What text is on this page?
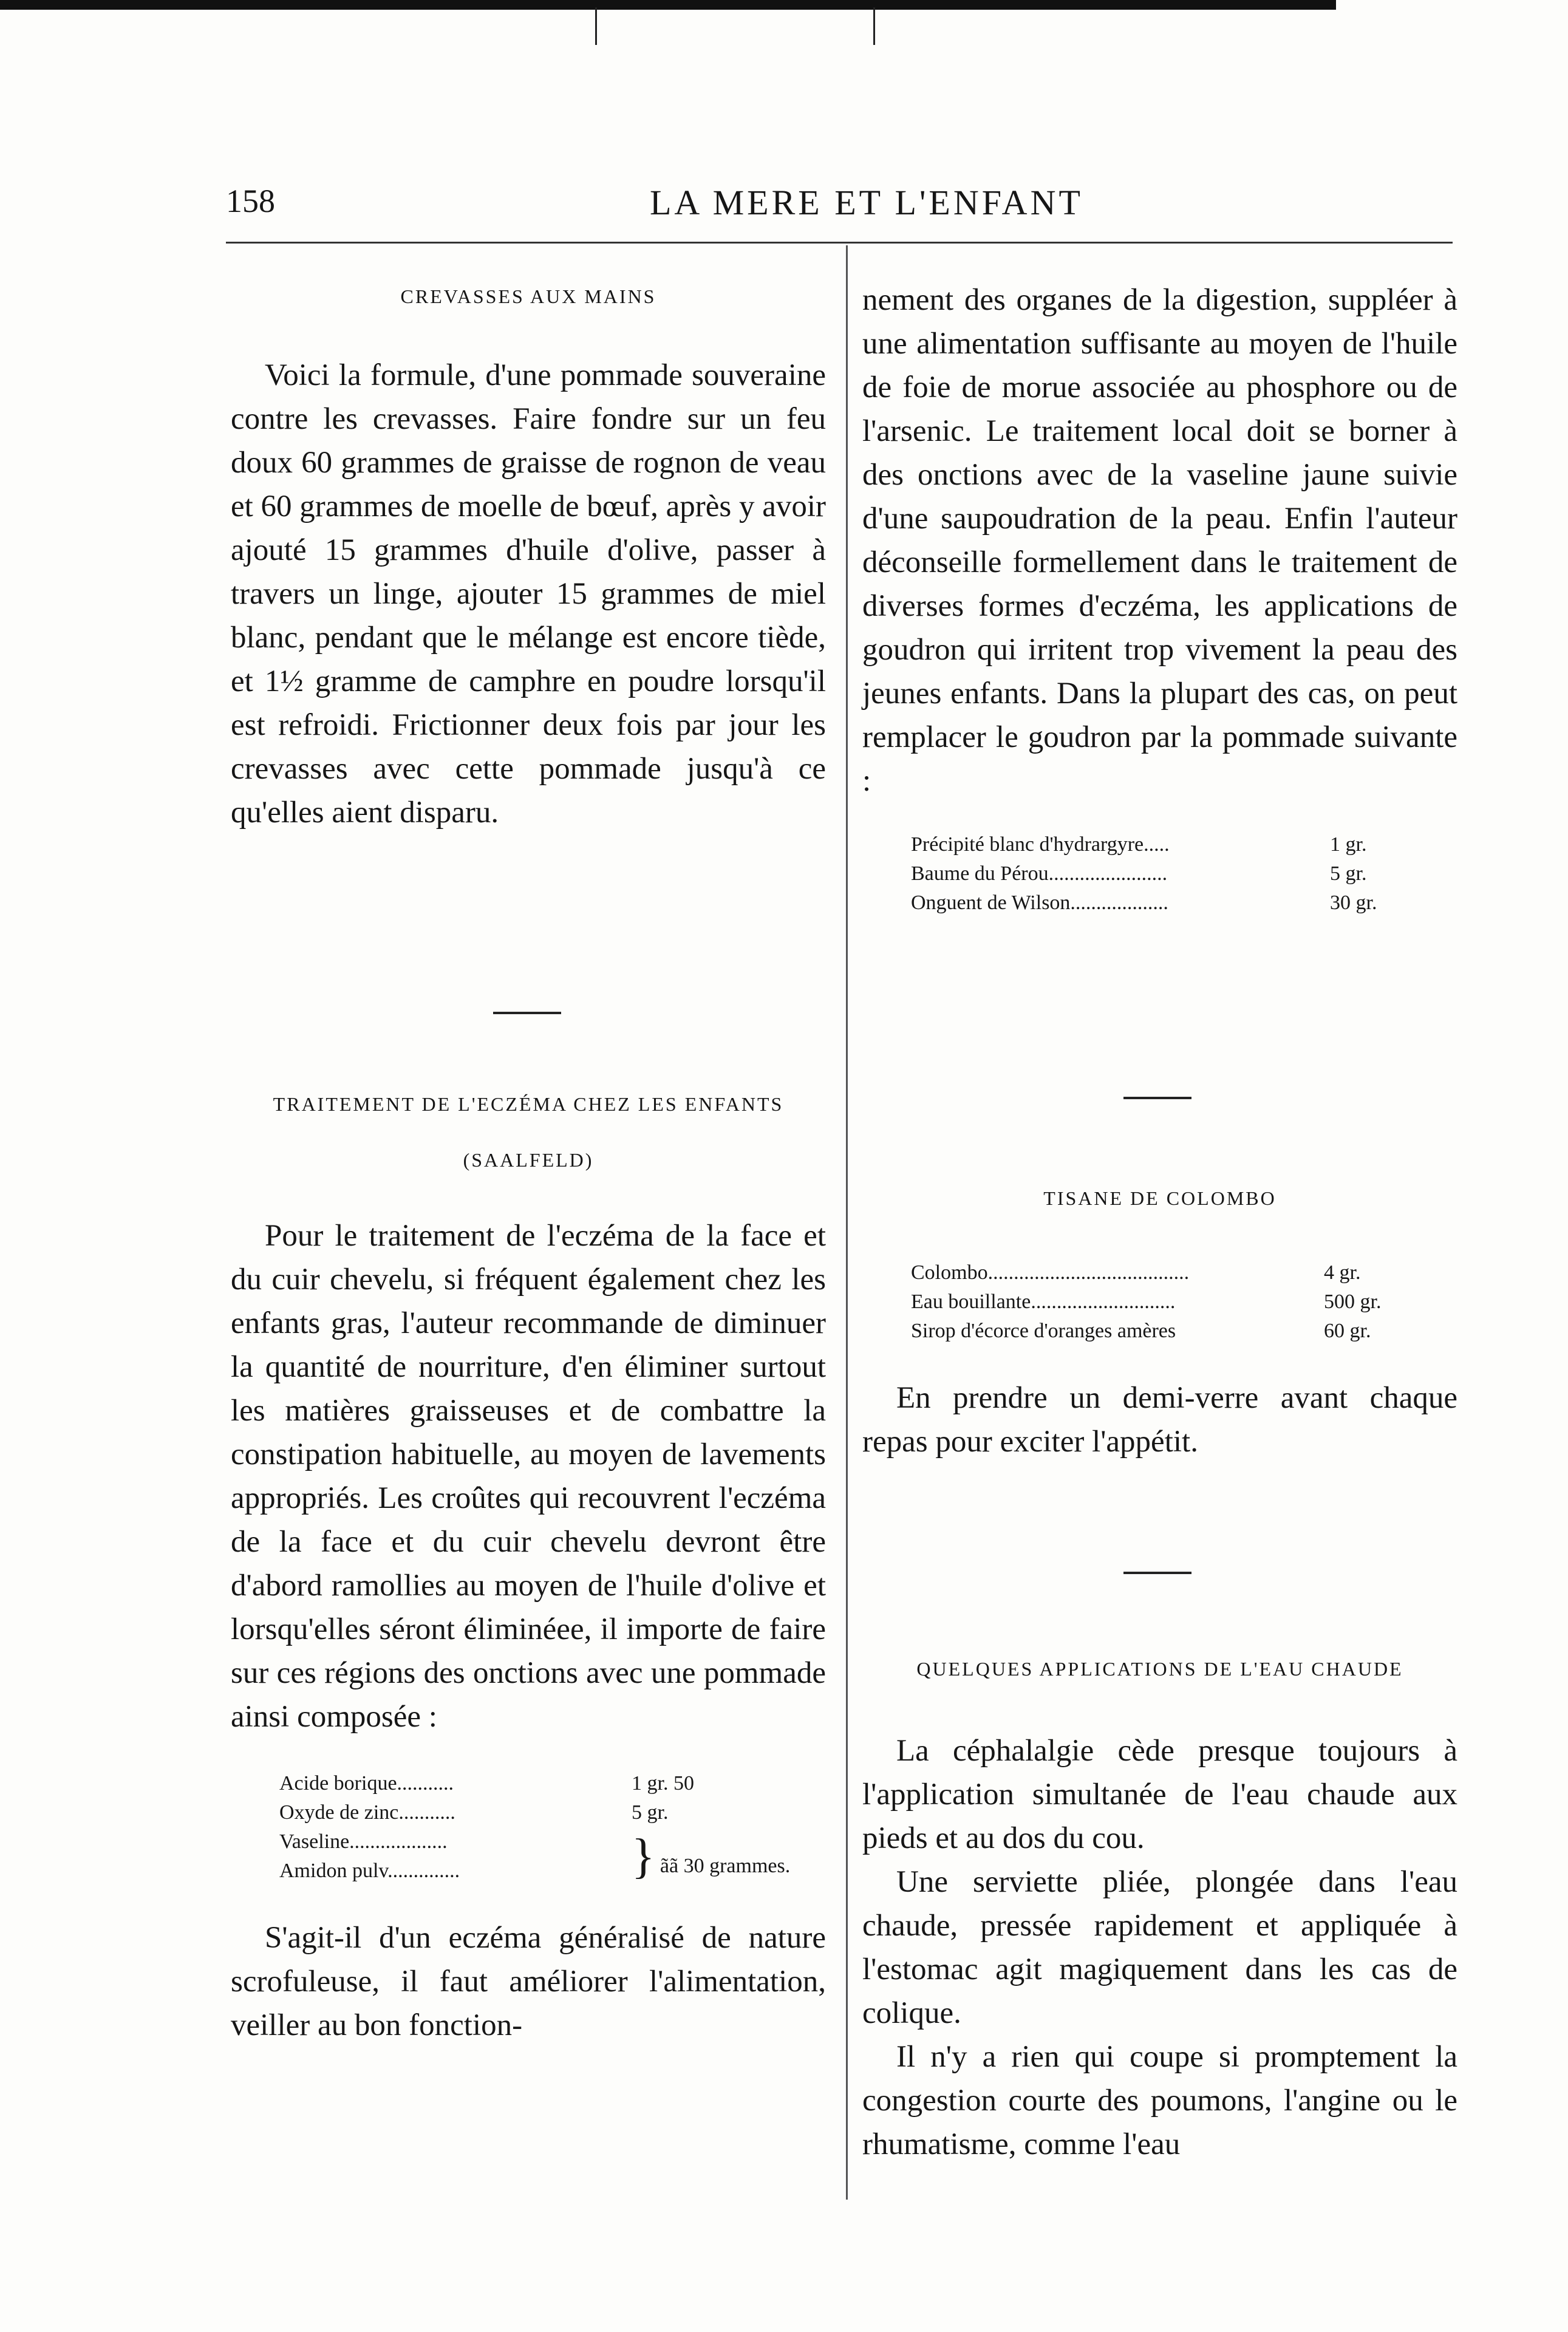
158	LA MERE ET L'ENFANT

CREVASSES AUX MAINS

Voici la formule, d'une pommade souveraine contre les crevasses. Faire fondre sur un feu doux 60 grammes de graisse de rognon de veau et 60 grammes de moelle de bœuf, après y avoir ajouté 15 grammes d'huile d'olive, passer à travers un linge, ajouter 15 grammes de miel blanc, pendant que le mélange est encore tiède, et 1½ gramme de camphre en poudre lorsqu'il est refroidi. Frictionner deux fois par jour les crevasses avec cette pommade jusqu'à ce qu'elles aient disparu.

TRAITEMENT DE L'ECZÉMA CHEZ LES ENFANTS

(SAALFELD)

Pour le traitement de l'eczéma de la face et du cuir chevelu, si fréquent également chez les enfants gras, l'auteur recommande de diminuer la quantité de nourriture, d'en éliminer surtout les matières graisseuses et de combattre la constipation habituelle, au moyen de lavements appropriés. Les croûtes qui recouvrent l'eczéma de la face et du cuir chevelu devront être d'abord ramollies au moyen de l'huile d'olive et lorsqu'elles séront éliminéee, il importe de faire sur ces régions des onctions avec une pommade ainsi composée :

Acide borique...........	1 gr. 50
Oxyde de zinc...........	5 gr.
Vaseline...................	} ãã 30 grammes.
Amidon pulv..............	

S'agit-il d'un eczéma généralisé de nature scrofuleuse, il faut améliorer l'alimentation, veiller au bon fonction-

nement des organes de la digestion, suppléer à une alimentation suffisante au moyen de l'huile de foie de morue associée au phosphore ou de l'arsenic. Le traitement local doit se borner à des onctions avec de la vaseline jaune suivie d'une saupoudration de la peau. Enfin l'auteur déconseille formellement dans le traitement de diverses formes d'eczéma, les applications de goudron qui irritent trop vivement la peau des jeunes enfants. Dans la plupart des cas, on peut remplacer le goudron par la pommade suivante :

Précipité blanc d'hydrargyre.....	1 gr.
Baume du Pérou.......................	5 gr.
Onguent de Wilson...................	30 gr.

TISANE DE COLOMBO

Colombo.......................................	4 gr.
Eau bouillante............................	500 gr.
Sirop d'écorce d'oranges amères	60 gr.

En prendre un demi-verre avant chaque repas pour exciter l'appétit.

QUELQUES APPLICATIONS DE L'EAU CHAUDE

La céphalalgie cède presque toujours à l'application simultanée de l'eau chaude aux pieds et au dos du cou.

Une serviette pliée, plongée dans l'eau chaude, pressée rapidement et appliquée à l'estomac agit magiquement dans les cas de colique.

Il n'y a rien qui coupe si promptement la congestion courte des poumons, l'angine ou le rhumatisme, comme l'eau
